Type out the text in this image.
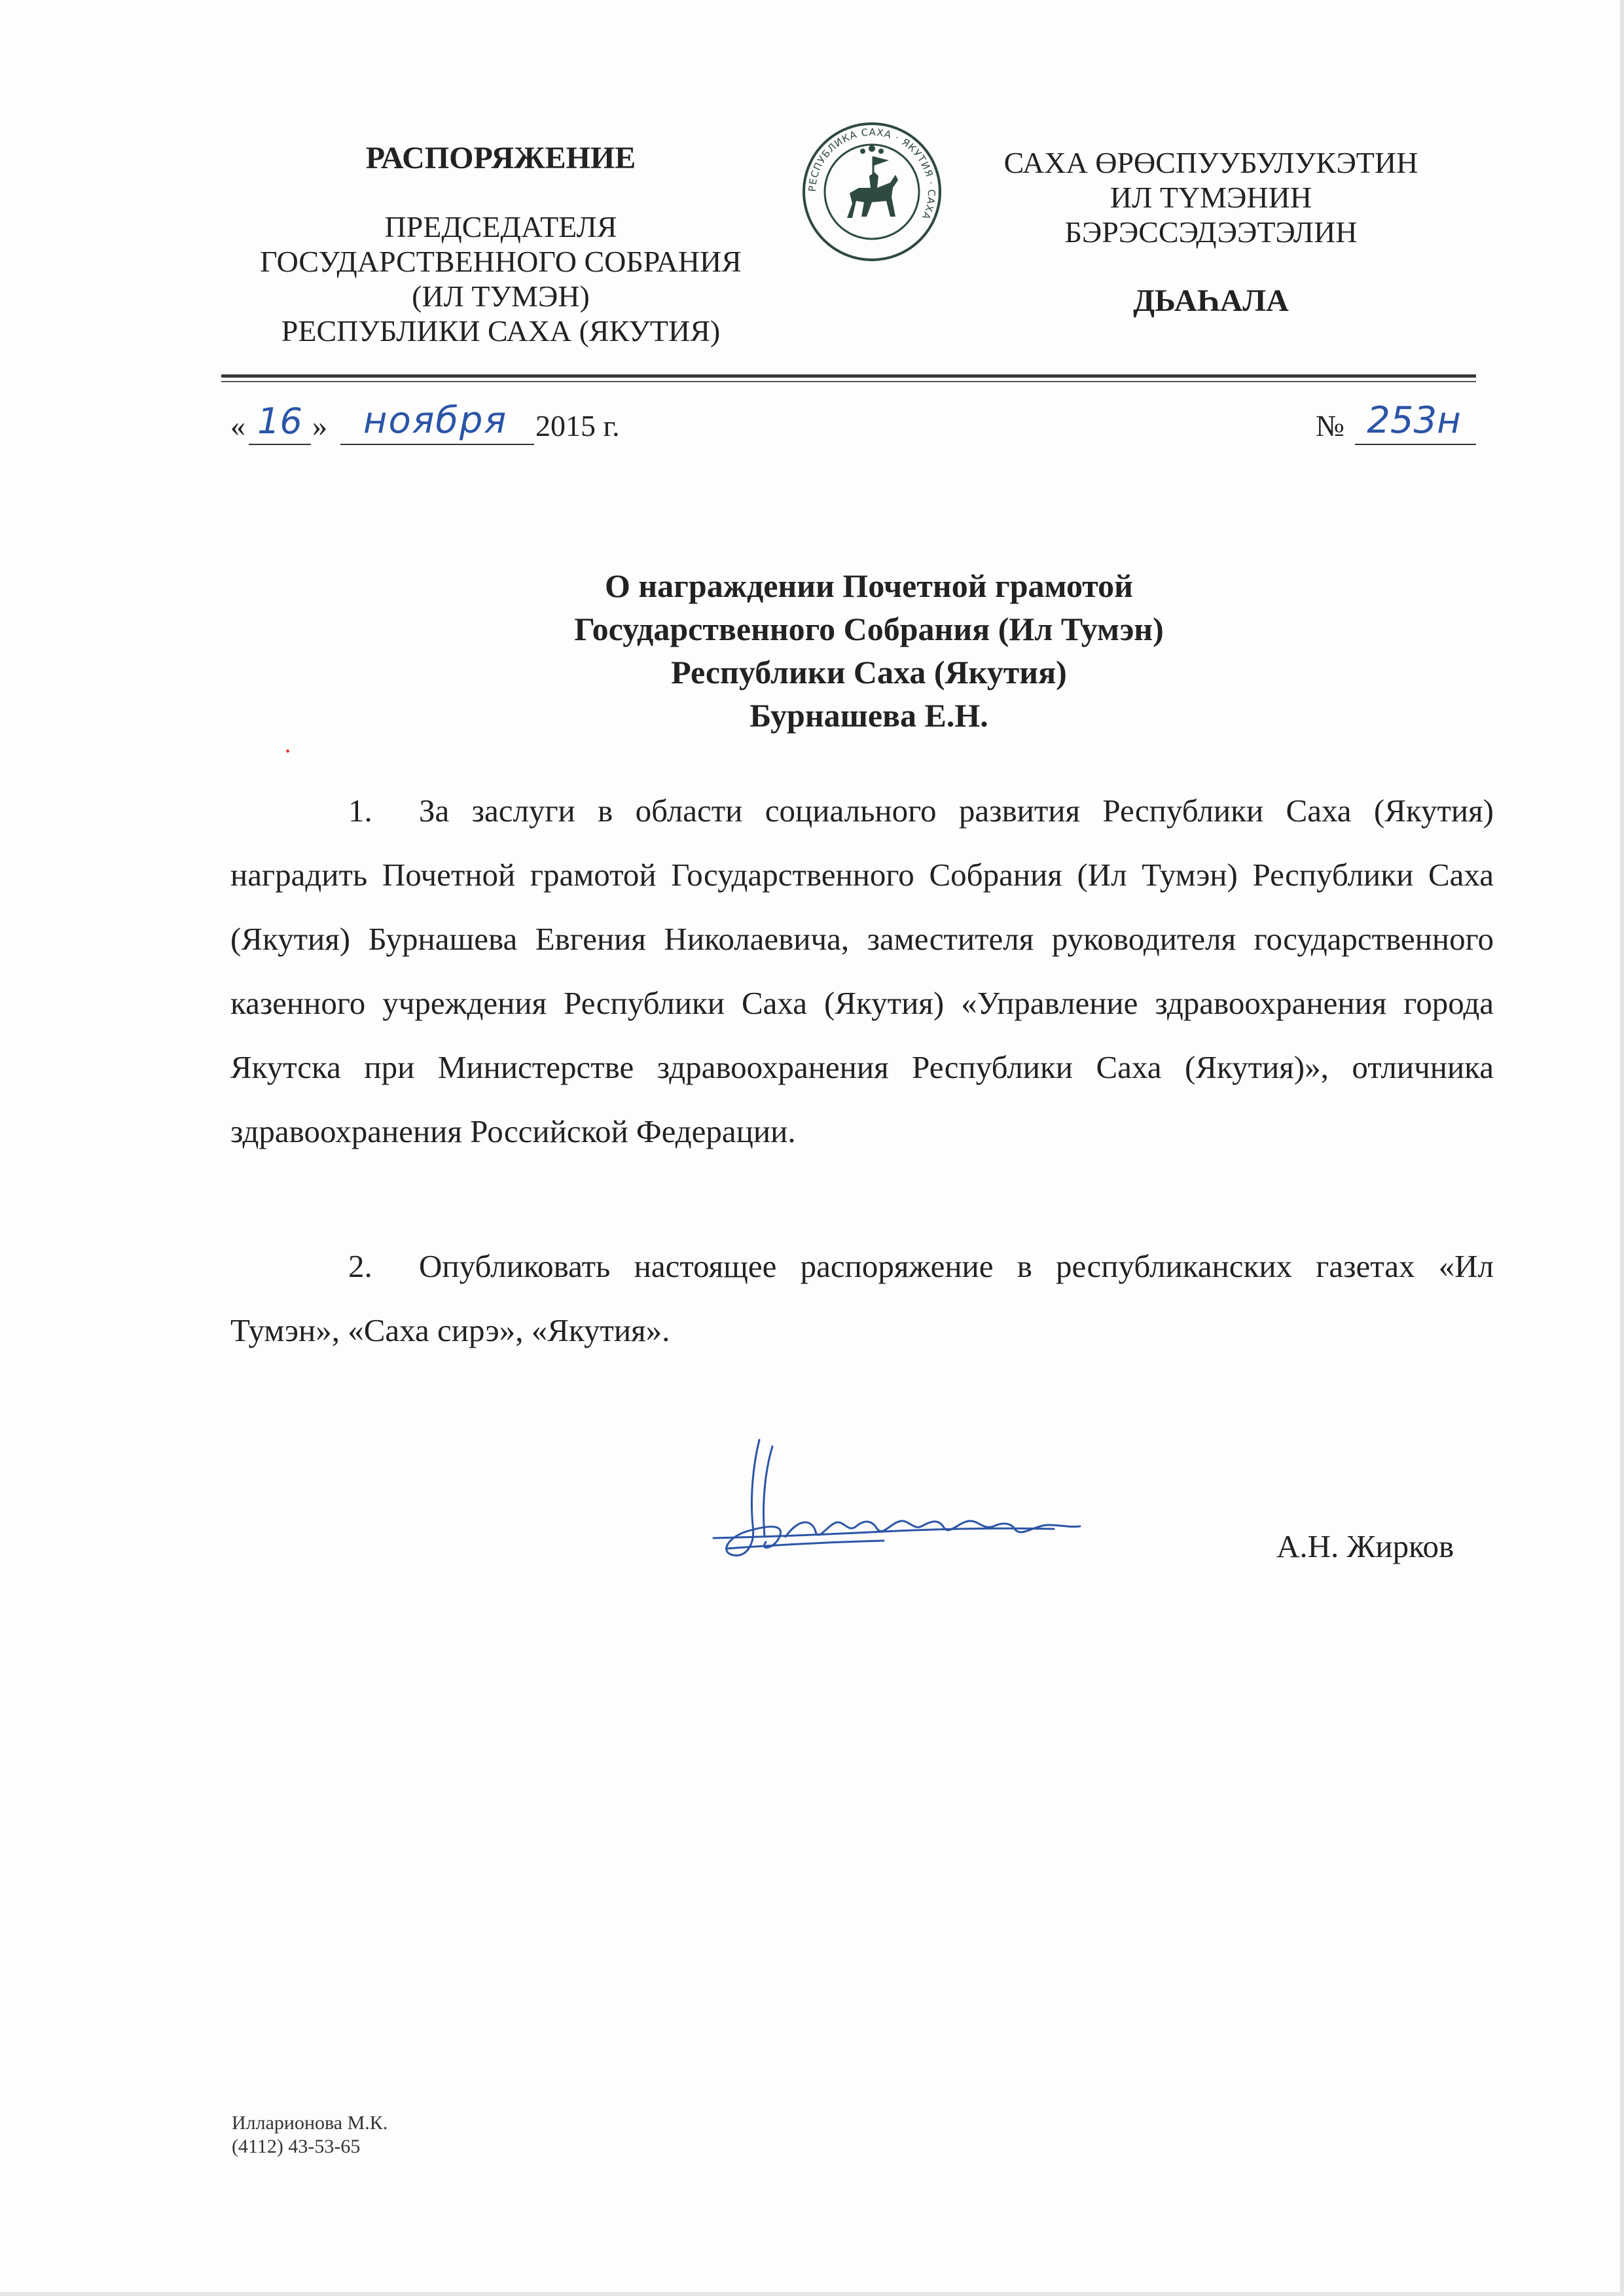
РАСПОРЯЖЕНИЕ
ПРЕДСЕДАТЕЛЯ
ГОСУДАРСТВЕННОГО СОБРАНИЯ
(ИЛ ТУМЭН)
РЕСПУБЛИКИ САХА (ЯКУТИЯ)
РЕСПУБЛИКА САХА · ЯКУТИЯ · САХА
САХА ӨРӨСПУУБУЛУКЭТИН
ИЛ ТҮМЭНИН
БЭРЭССЭДЭЭТЭЛИН
ДЬАҺАЛА
« 16 » ноября 2015 г.	№ 253н
О награждении Почетной грамотой
Государственного Собрания (Ил Тумэн)
Республики Саха (Якутия)
Бурнашева Е.Н.
1. За заслуги в области социального развития Республики Саха (Якутия) наградить Почетной грамотой Государственного Собрания (Ил Тумэн) Республики Саха (Якутия) Бурнашева Евгения Николаевича, заместителя руководителя государственного казенного учреждения Республики Саха (Якутия) «Управление здравоохранения города Якутска при Министерстве здравоохранения Республики Саха (Якутия)», отличника здравоохранения Российской Федерации.
2. Опубликовать настоящее распоряжение в республиканских газетах «Ил Тумэн», «Саха сирэ», «Якутия».
А.Н. Жирков
Илларионова М.К.
(4112) 43-53-65
